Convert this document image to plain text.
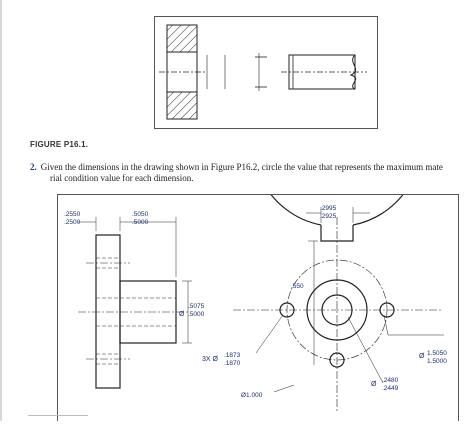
FIGURE P16.1.
2. Given the dimensions in the drawing shown in Figure P16.2, circle the value that represents the maximum mate
rial condition value for each dimension.
.2550
.2500
.5050
.5000
Ø
.5075
.5000
.2995
.2925
.550
3X Ø
.1873
.1870
Ø 1.5050
1.5000
Ø
.2480
.2449
Ø1.000
